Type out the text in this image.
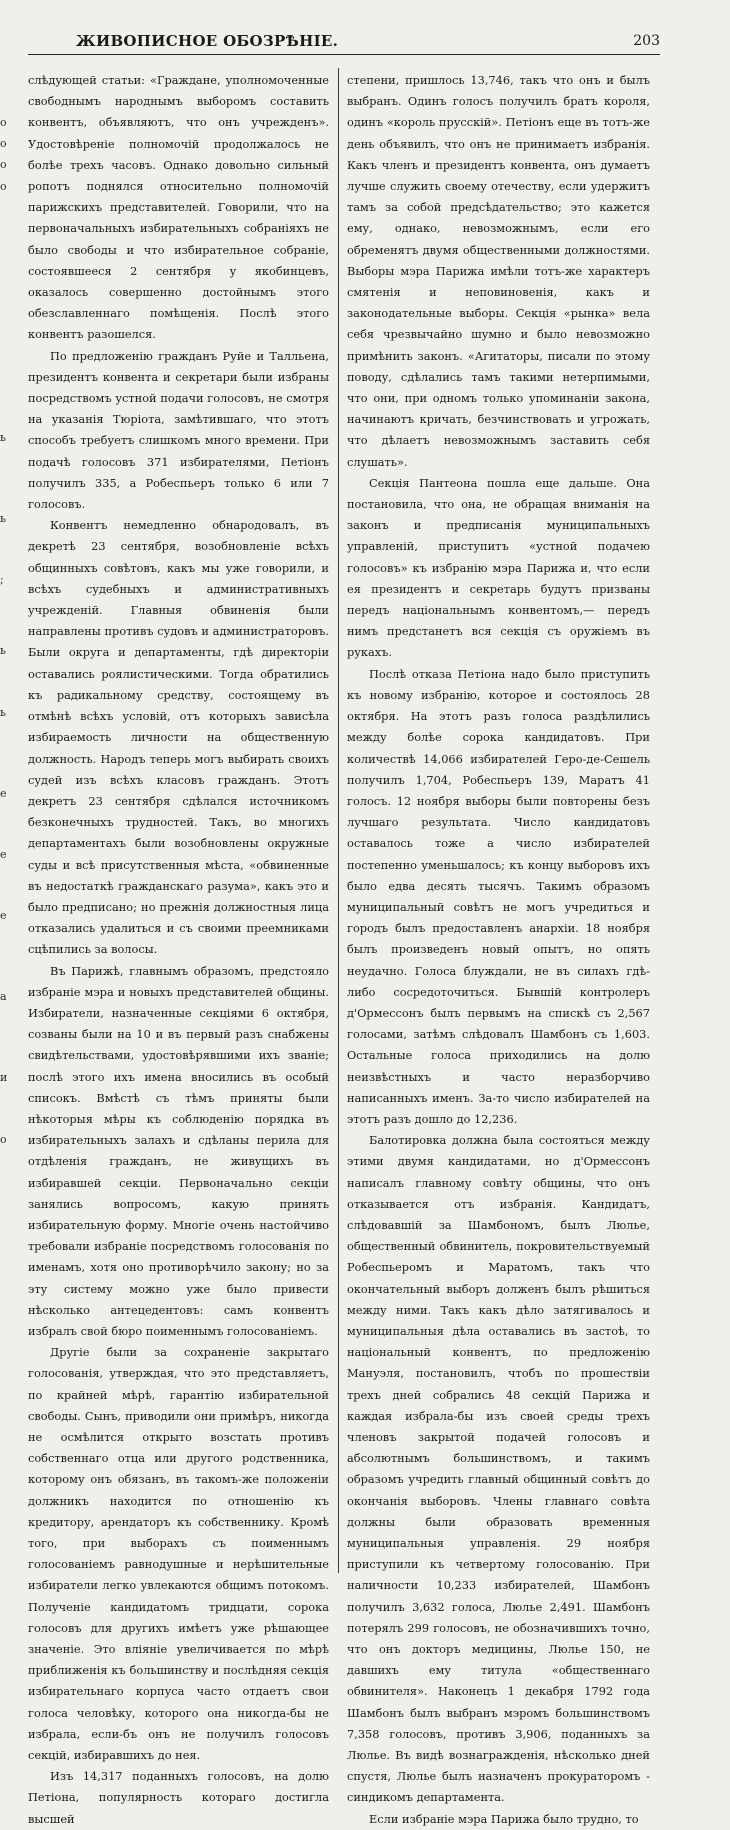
ЖИВОПИСНОЕ ОБОЗРѢНІЕ.	203
о
о
о
о
ь
ь
;
ь
ь
е
е
е
а
и
о

слѣдующей статьи: «Граждане, уполномоченные свободнымъ народнымъ выборомъ составить конвентъ, объявляютъ, что онъ учрежденъ». Удостовѣреніе полномочій продолжалось не болѣе трехъ часовъ. Однако довольно сильный ропотъ поднялся относительно полномочій парижскихъ представителей. Говорили, что на первоначальныхъ избирательныхъ собраніяхъ не было свободы и что избирательное собраніе, состоявшееся 2 сентября у якобинцевъ, оказалось совершенно достойнымъ этого обезславленнаго помѣщенія. Послѣ этого конвентъ разошелся.

По предложенію гражданъ Руйе и Талльена, президентъ конвента и секретари были избраны посредствомъ устной подачи голосовъ, не смотря на указанія Тюріота, замѣтившаго, что этотъ способъ требуетъ слишкомъ много времени. При подачѣ голосовъ 371 избирателями, Петіонъ получилъ 335, а Робеспьеръ только 6 или 7 голосовъ.

Конвентъ немедленно обнародовалъ, въ декретѣ 23 сентября, возобновленіе всѣхъ общинныхъ совѣтовъ, какъ мы уже говорили, и всѣхъ судебныхъ и административныхъ учрежденій. Главныя обвиненія были направлены противъ судовъ и администраторовъ. Были округа и департаменты, гдѣ директоріи оставались роялистическими. Тогда обратились къ радикальному средству, состоящему въ отмѣнѣ всѣхъ условій, отъ которыхъ зависѣла избираемость личности на общественную должность. Народъ теперь могъ выбирать своихъ судей изъ всѣхъ класовъ гражданъ. Этотъ декретъ 23 сентября сдѣлался источникомъ безконечныхъ трудностей. Такъ, во многихъ департаментахъ были возобновлены окружные суды и всѣ присутственныя мѣста, «обвиненные въ недостаткѣ гражданскаго разума», какъ это и было предписано; но прежнія должностныя лица отказались удалиться и съ своими преемниками сцѣпились за волосы.

Въ Парижѣ, главнымъ образомъ, предстояло избраніе мэра и новыхъ представителей общины. Избиратели, назначенные секціями 6 октября, созваны были на 10 и въ первый разъ снабжены свидѣтельствами, удостовѣрявшими ихъ званіе; послѣ этого ихъ имена вносились въ особый списокъ. Вмѣстѣ съ тѣмъ приняты были нѣкоторыя мѣры къ соблюденію порядка въ избирательныхъ залахъ и сдѣланы перила для отдѣленія гражданъ, не живущихъ въ избиравшей секціи. Первоначально секціи занялись вопросомъ, какую принять избирательную форму. Многіе очень настойчиво требовали избраніе посредствомъ голосованія по именамъ, хотя оно противорѣчило закону; но за эту систему можно уже было привести нѣсколько антецедентовъ: самъ конвентъ избралъ свой бюро поименнымъ голосованіемъ.

Другіе были за сохраненіе закрытаго голосованія, утверждая, что это представляетъ, по крайней мѣрѣ, гарантію избирательной свободы. Сынъ, приводили они примѣръ, никогда не осмѣлится открыто возстать противъ собственнаго отца или другого родственника, которому онъ обязанъ, въ такомъ-же положеніи должникъ находится по отношенію къ кредитору, арендаторъ къ собственнику. Кромѣ того, при выборахъ съ поименнымъ голосованіемъ равнодушные и нерѣшительные избиратели легко увлекаются общимъ потокомъ. Полученіе кандидатомъ тридцати, сорока голосовъ для другихъ имѣетъ уже рѣшающее значеніе. Это вліяніе увеличивается по мѣрѣ приближенія къ большинству и послѣдняя секція избирательнаго корпуса часто отдаетъ свои голоса человѣку, которого она никогда-бы не избрала, если-бъ онъ не получилъ голосовъ секцій, избиравшихъ до нея.

Изъ 14,317 поданныхъ голосовъ, на долю Петіона, популярность котораго достигла высшей

степени, пришлось 13,746, такъ что онъ и былъ выбранъ. Одинъ голосъ получилъ братъ короля, одинъ «король прусскій». Петіонъ еще въ тотъ-же день объявилъ, что онъ не принимаетъ избранія. Какъ членъ и президентъ конвента, онъ думаетъ лучше служить своему отечеству, если удержитъ тамъ за собой предсѣдательство; это кажется ему, однако, невозможнымъ, если его обременятъ двумя общественными должностями. Выборы мэра Парижа имѣли тотъ-же характеръ смятенія и неповиновенія, какъ и законодательные выборы. Секція «рынка» вела себя чрезвычайно шумно и было невозможно примѣнить законъ. «Агитаторы, писали по этому поводу, сдѣлались тамъ такими нетерпимыми, что они, при одномъ только упоминаніи закона, начинаютъ кричать, безчинствовать и угрожать, что дѣлаетъ невозможнымъ заставить себя слушать».

Секція Пантеона пошла еще дальше. Она постановила, что она, не обращая вниманія на законъ и предписанія муниципальныхъ управленій, приступитъ «устной подачею голосовъ» къ избранію мэра Парижа и, что если ея президентъ и секретарь будутъ призваны передъ національнымъ конвентомъ,— передъ нимъ предстанетъ вся секція съ оружіемъ въ рукахъ.

Послѣ отказа Петіона надо было приступить къ новому избранію, которое и состоялось 28 октября. На этотъ разъ голоса раздѣлились между болѣе сорока кандидатовъ. При количествѣ 14,066 избирателей Геро-де-Сешель получилъ 1,704, Робеспьеръ 139, Маратъ 41 голосъ. 12 ноября выборы были повторены безъ лучшаго результата. Число кандидатовъ оставалось тоже а число избирателей постепенно уменьшалось; къ концу выборовъ ихъ было едва десять тысячъ. Такимъ образомъ муниципальный совѣтъ не могъ учредиться и городъ былъ предоставленъ анархіи. 18 ноября былъ произведенъ новый опытъ, но опять неудачно. Голоса блуждали, не въ силахъ гдѣ-либо сосредоточиться. Бывшій контролеръ д'Ормессонъ былъ первымъ на спискѣ съ 2,567 голосами, затѣмъ слѣдовалъ Шамбонъ съ 1,603. Остальные голоса приходились на долю неизвѣстныхъ и часто неразборчиво написанныхъ именъ. За-то число избирателей на этотъ разъ дошло до 12,236.

Балотировка должна была состояться между этими двумя кандидатами, но д'Ормессонъ написалъ главному совѣту общины, что онъ отказывается отъ избранія. Кандидатъ, слѣдовавшій за Шамбономъ, былъ Люлье, общественный обвинитель, покровительствуемый Робеспьеромъ и Маратомъ, такъ что окончательный выборъ долженъ былъ рѣшиться между ними. Такъ какъ дѣло затягивалось и муниципальныя дѣла оставались въ застоѣ, то національный конвентъ, по предложенію Мануэля, постановилъ, чтобъ по прошествіи трехъ дней собрались 48 секцій Парижа и каждая избрала-бы изъ своей среды трехъ членовъ закрытой подачей голосовъ и абсолютнымъ большинствомъ, и такимъ образомъ учредить главный общинный совѣтъ до окончанія выборовъ. Члены главнаго совѣта должны были образовать временныя муниципальныя управленія. 29 ноября приступили къ четвертому голосованію. При наличности 10,233 избирателей, Шамбонъ получилъ 3,632 голоса, Люлье 2,491. Шамбонъ потерялъ 299 голосовъ, не обозначившихъ точно, что онъ докторъ медицины, Люлье 150, не давшихъ ему титула «общественнаго обвинителя». Наконецъ 1 декабря 1792 года Шамбонъ былъ выбранъ мэромъ большинствомъ 7,358 голосовъ, противъ 3,906, поданныхъ за Люлье. Въ видѣ вознагражденія, нѣсколько дней спустя, Люлье былъ назначенъ прокураторомъ - синдикомъ департамента.

Если избраніе мэра Парижа было трудно, то
